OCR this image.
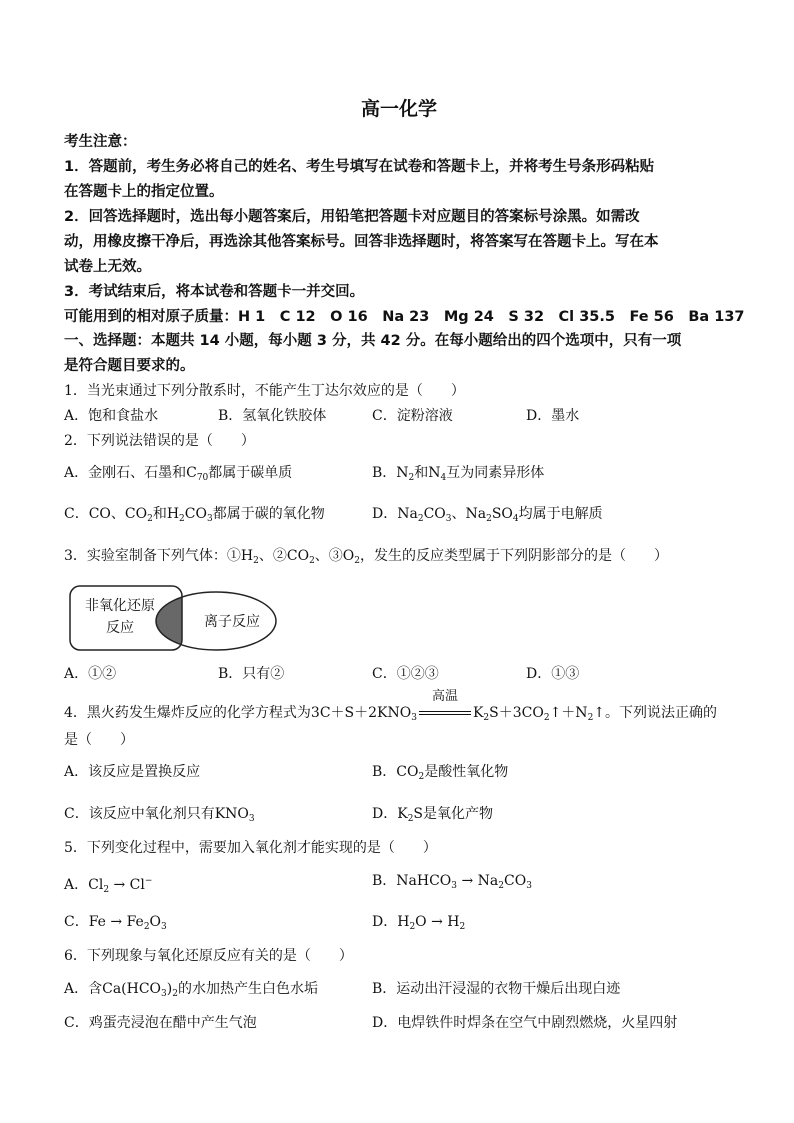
高一化学
考生注意：
1．答题前，考生务必将自己的姓名、考生号填写在试卷和答题卡上，并将考生号条形码粘贴
在答题卡上的指定位置。
2．回答选择题时，选出每小题答案后，用铅笔把答题卡对应题目的答案标号涂黑。如需改
动，用橡皮擦干净后，再选涂其他答案标号。回答非选择题时，将答案写在答题卡上。写在本
试卷上无效。
3．考试结束后，将本试卷和答题卡一并交回。
可能用到的相对原子质量：H 1　C 12　O 16　Na 23　Mg 24　S 32　Cl 35.5　Fe 56　Ba 137
一、选择题：本题共 14 小题，每小题 3 分，共 42 分。在每小题给出的四个选项中，只有一项
是符合题目要求的。
1．当光束通过下列分散系时，不能产生丁达尔效应的是（　　）
A．饱和食盐水	B．氢氧化铁胶体	C．淀粉溶液	D．墨水
2．下列说法错误的是（　　）
A．金刚石、石墨和$C_{70}$都属于碳单质	B．$N_2$和$N_4$互为同素异形体
C．CO、$CO_2$和$H_2CO_3$都属于碳的氧化物	D．$Na_2CO_3$、$Na_2SO_4$均属于电解质
3．实验室制备下列气体：$①H_2$、$②CO_2$、$③O_2$，发生的反应类型属于下列阴影部分的是（　　）
非氧化还原
反应	离子反应
A．①②	B．只有②	C．①②③	D．①③
4．黑火药发生爆炸反应的化学方程式为$3C+S+2KNO_3$
高温
$K_2S+3CO_2↑+N_2↑$。下列说法正确的
是（　　）
A．该反应是置换反应	B．$CO_2$是酸性氧化物
C．该反应中氧化剂只有$KNO_3$	D．$K_2S$是氧化产物
5．下列变化过程中，需要加入氧化剂才能实现的是（　　）
A．$Cl_2 \to Cl^-$	B．NaHCO$_3$ → $Na_2CO_3$
C．$Fe \to Fe_2O_3$	D．$H_2O \to H_2$
6．下列现象与氧化还原反应有关的是（　　）
A．含$Ca(HCO_3)_2$的水加热产生白色水垢	B．运动出汗浸湿的衣物干燥后出现白迹
C．鸡蛋壳浸泡在醋中产生气泡	D．电焊铁件时焊条在空气中剧烈燃烧，火星四射
